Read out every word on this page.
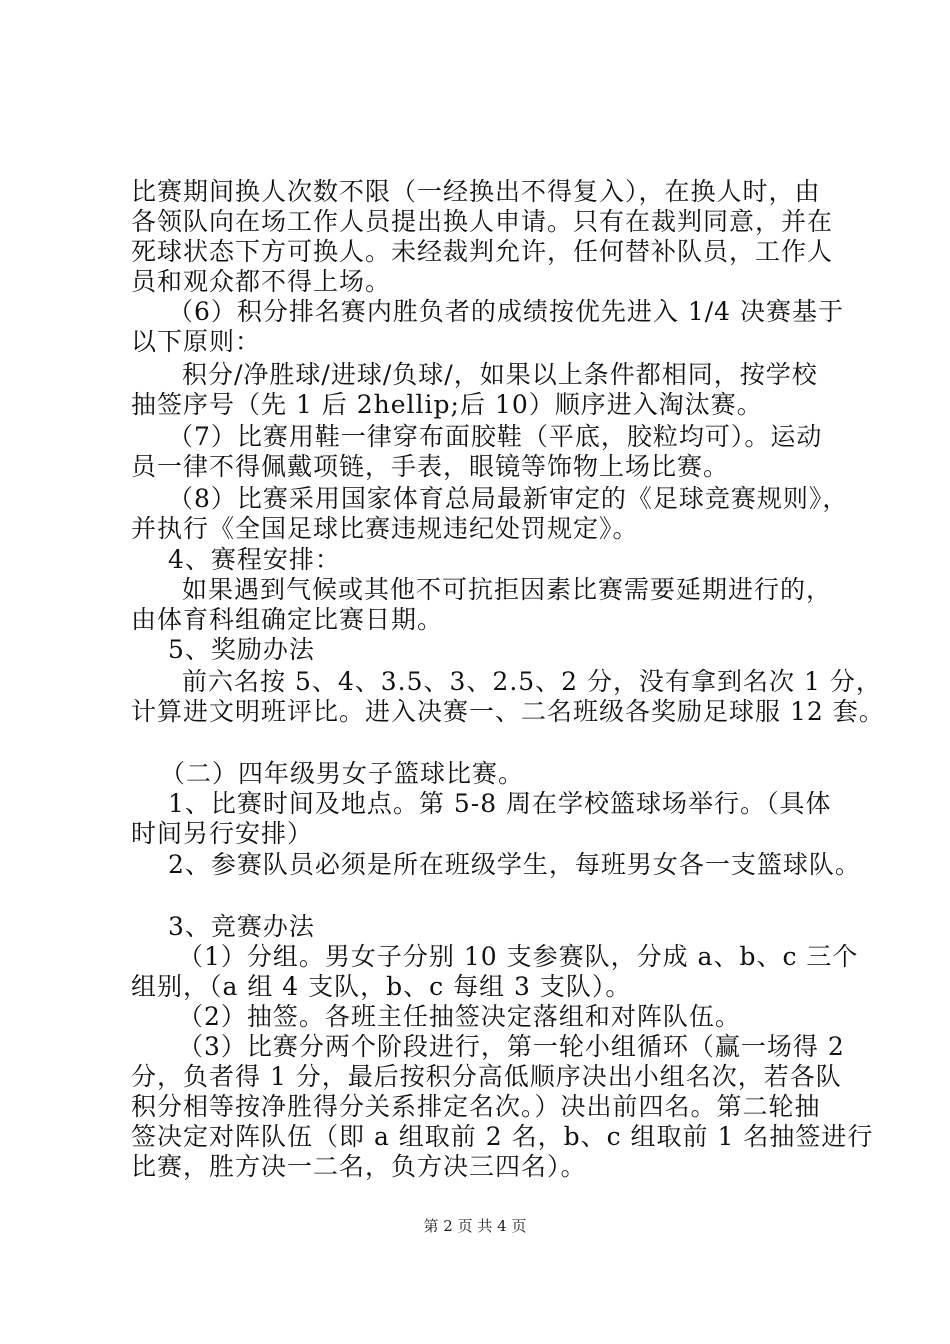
比赛期间换人次数不限（一经换出不得复入），在换人时，由
各领队向在场工作人员提出换人申请。只有在裁判同意，并在
死球状态下方可换人。未经裁判允许，任何替补队员，工作人
员和观众都不得上场。
（6）积分排名赛内胜负者的成绩按优先进入 1/4 决赛基于
以下原则：
积分/净胜球/进球/负球/，如果以上条件都相同，按学校
抽签序号（先 1 后 2hellip;后 10）顺序进入淘汰赛。
（7）比赛用鞋一律穿布面胶鞋（平底，胶粒均可）。运动
员一律不得佩戴项链，手表，眼镜等饰物上场比赛。
（8）比赛采用国家体育总局最新审定的《足球竞赛规则》，
并执行《全国足球比赛违规违纪处罚规定》。
4、赛程安排：
如果遇到气候或其他不可抗拒因素比赛需要延期进行的，
由体育科组确定比赛日期。
5、奖励办法
前六名按 5、4、3.5、3、2.5、2 分，没有拿到名次 1 分，
计算进文明班评比。进入决赛一、二名班级各奖励足球服 12 套。
（二）四年级男女子篮球比赛。
1、比赛时间及地点。第 5-8 周在学校篮球场举行。（具体
时间另行安排）
2、参赛队员必须是所在班级学生，每班男女各一支篮球队。
3、竞赛办法
（1）分组。男女子分别 10 支参赛队，分成 a、b、c 三个
组别，（a 组 4 支队，b、c 每组 3 支队）。
（2）抽签。各班主任抽签决定落组和对阵队伍。
（3）比赛分两个阶段进行，第一轮小组循环（赢一场得 2
分，负者得 1 分，最后按积分高低顺序决出小组名次，若各队
积分相等按净胜得分关系排定名次。）决出前四名。第二轮抽
签决定对阵队伍（即 a 组取前 2 名，b、c 组取前 1 名抽签进行
比赛，胜方决一二名，负方决三四名）。
第 2 页 共 4 页
